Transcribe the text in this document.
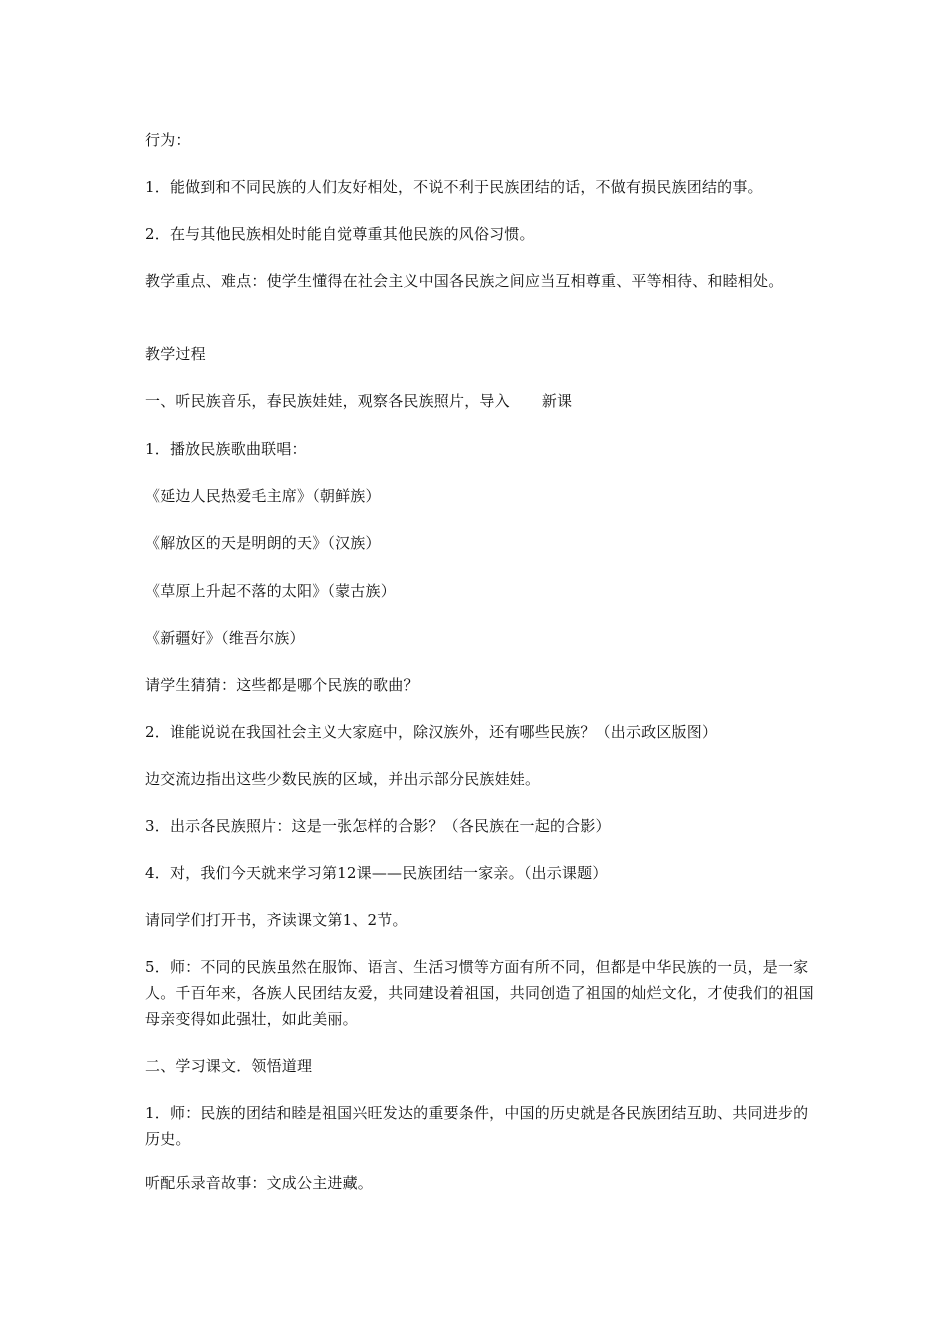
行为：

1．能做到和不同民族的人们友好相处，不说不利于民族团结的话，不做有损民族团结的事。

2．在与其他民族相处时能自觉尊重其他民族的风俗习惯。

教学重点、难点：使学生懂得在社会主义中国各民族之间应当互相尊重、平等相待、和睦相处。

教学过程

一、听民族音乐，春民族娃娃，观察各民族照片，导入 新课

1．播放民族歌曲联唱：

《延边人民热爱毛主席》（朝鲜族）

《解放区的天是明朗的天》（汉族）

《草原上升起不落的太阳》（蒙古族）

《新疆好》（维吾尔族）

请学生猜猜：这些都是哪个民族的歌曲？

2．谁能说说在我国社会主义大家庭中，除汉族外，还有哪些民族？（出示政区版图）

边交流边指出这些少数民族的区域，并出示部分民族娃娃。

3．出示各民族照片：这是一张怎样的合影？（各民族在一起的合影）

4．对，我们今天就来学习第12课——民族团结一家亲。（出示课题）

请同学们打开书，齐读课文第1、2节。

5．师：不同的民族虽然在服饰、语言、生活习惯等方面有所不同，但都是中华民族的一员，是一家人。千百年来，各族人民团结友爱，共同建设着祖国，共同创造了祖国的灿烂文化，才使我们的祖国母亲变得如此强壮，如此美丽。

二、学习课文．领悟道理

1．师：民族的团结和睦是祖国兴旺发达的重要条件，中国的历史就是各民族团结互助、共同进步的历史。

听配乐录音故事：文成公主进藏。
